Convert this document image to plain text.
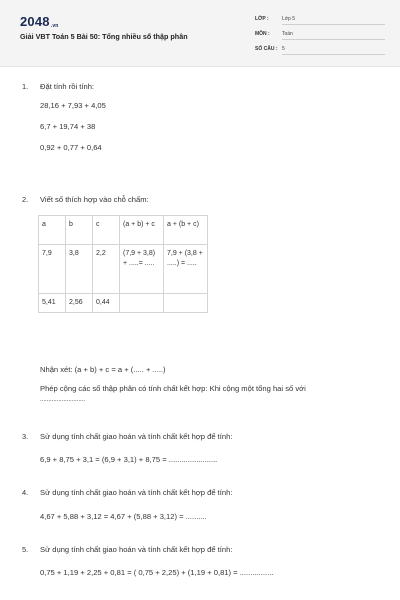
2048.vn
Giải VBT Toán 5 Bài 50: Tổng nhiều số thập phân
LỚP :	Lớp 5
MÔN : Toán
SỐ CÂU : 5
1. Đặt tính rồi tính:
28,16 + 7,93 + 4,05
6,7 + 19,74 + 38
0,92 + 0,77 + 0,64
2. Viết số thích hợp vào chỗ chấm:
a	b	c	(a + b) + c	a + (b + c)
7,9	3,8	2,2	(7,9 + 3,8) + .....= .....	7,9 + (3,8 + .....) = .....
5,41	2,56	0,44		
Nhận xét: (a + b) + c = a + (..... + .....)
Phép cộng các số thập phân có tính chất kết hợp: Khi cộng một tổng hai số với
...........................
3. Sử dụng tính chất giao hoán và tính chất kết hợp để tính:
6,9 + 8,75 + 3,1 = (6,9 + 3,1) + 8,75 = .......................
4. Sử dụng tính chất giao hoán và tính chất kết hợp để tính:
4,67 + 5,88 + 3,12 = 4,67 + (5,88 + 3,12) = ..........
5. Sử dụng tính chất giao hoán và tính chất kết hợp để tính:
0,75 + 1,19 + 2,25 + 0,81 = ( 0,75 + 2,25) + (1,19 + 0,81) = ................
